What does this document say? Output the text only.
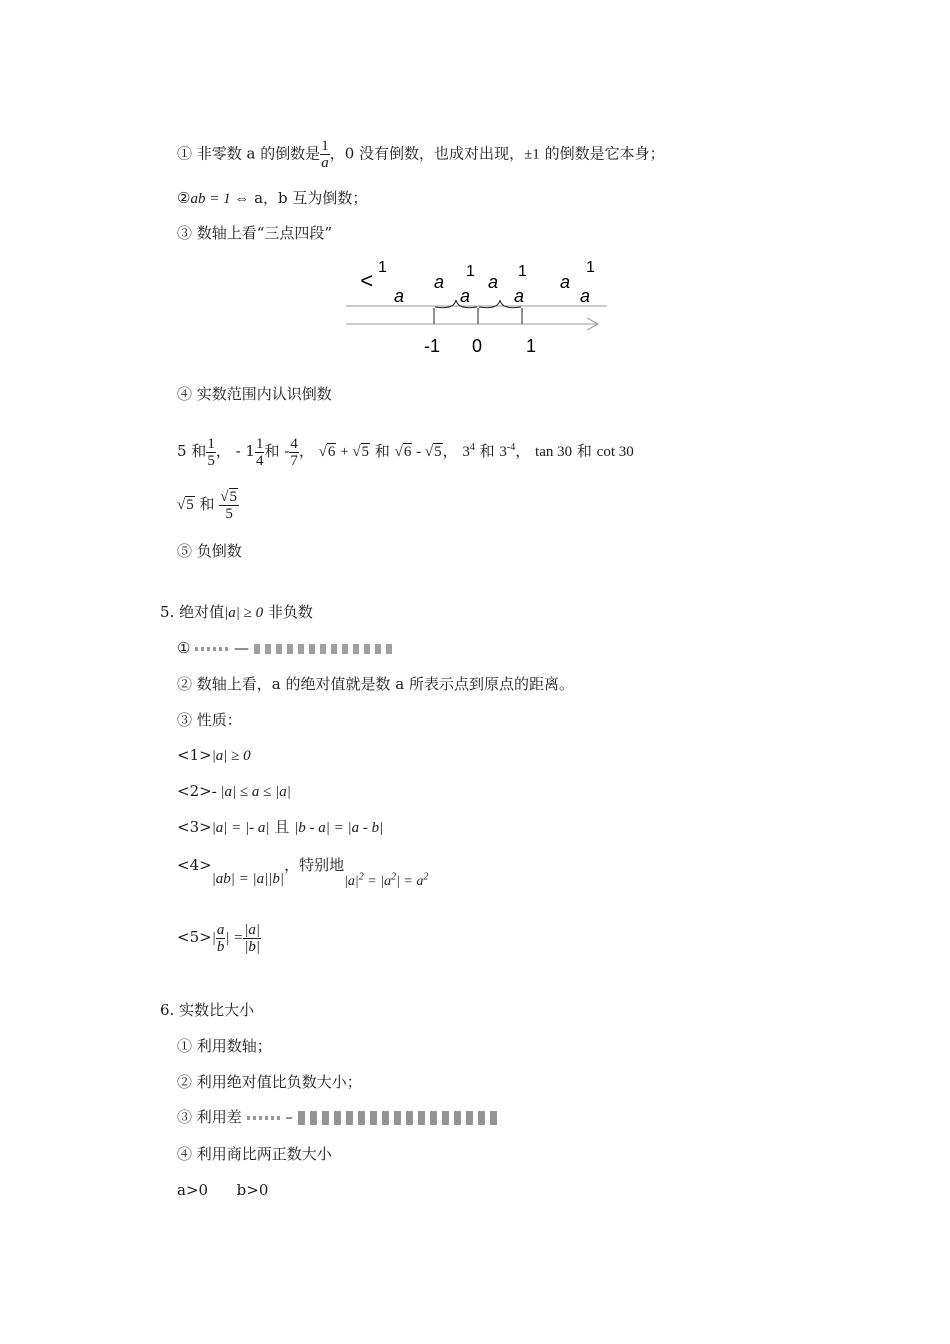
① 非零数 a 的倒数是 $\frac{1}{a}$ ，0 没有倒数，也成对出现，±1 的倒数是它本身；
②ab = 1 ⇔ a，b 互为倒数；
③ 数轴上看“三点四段”
<
1
a
a
1
a
a
1
a
a
1
a
-1 0 1
④ 实数范围内认识倒数
5 和 $\frac{1}{5}$ ， - $1 \frac{1}{4}$ 和 - $\frac{4}{7}$ ， √6 + √5 和 √6 - √5， $3^4$ 和 $3^{-4}$， tan 30 和 cot 30
√5 和 $\frac{√5}{5}$
⑤ 负倒数
5. 绝对值|a| ≥ 0 非负数
①	—
② 数轴上看，a 的绝对值就是数 a 所表示点到原点的距离。
③ 性质：
<1>|a| ≥ 0
<2>- |a| ≤ a ≤ |a|
<3>|a| = |- a| 且 |b - a| = |a - b|
<4>|ab| = |a||b|，特别地$|a|^2 = |a^2| = a^2$
$<5>| \frac{a}{b}$ | = $\frac{|a|}{|b|}$
6. 实数比大小
① 利用数轴；
② 利用绝对值比负数大小；
③ 利用差	–
④ 利用商比两正数大小
a>0      b>0
